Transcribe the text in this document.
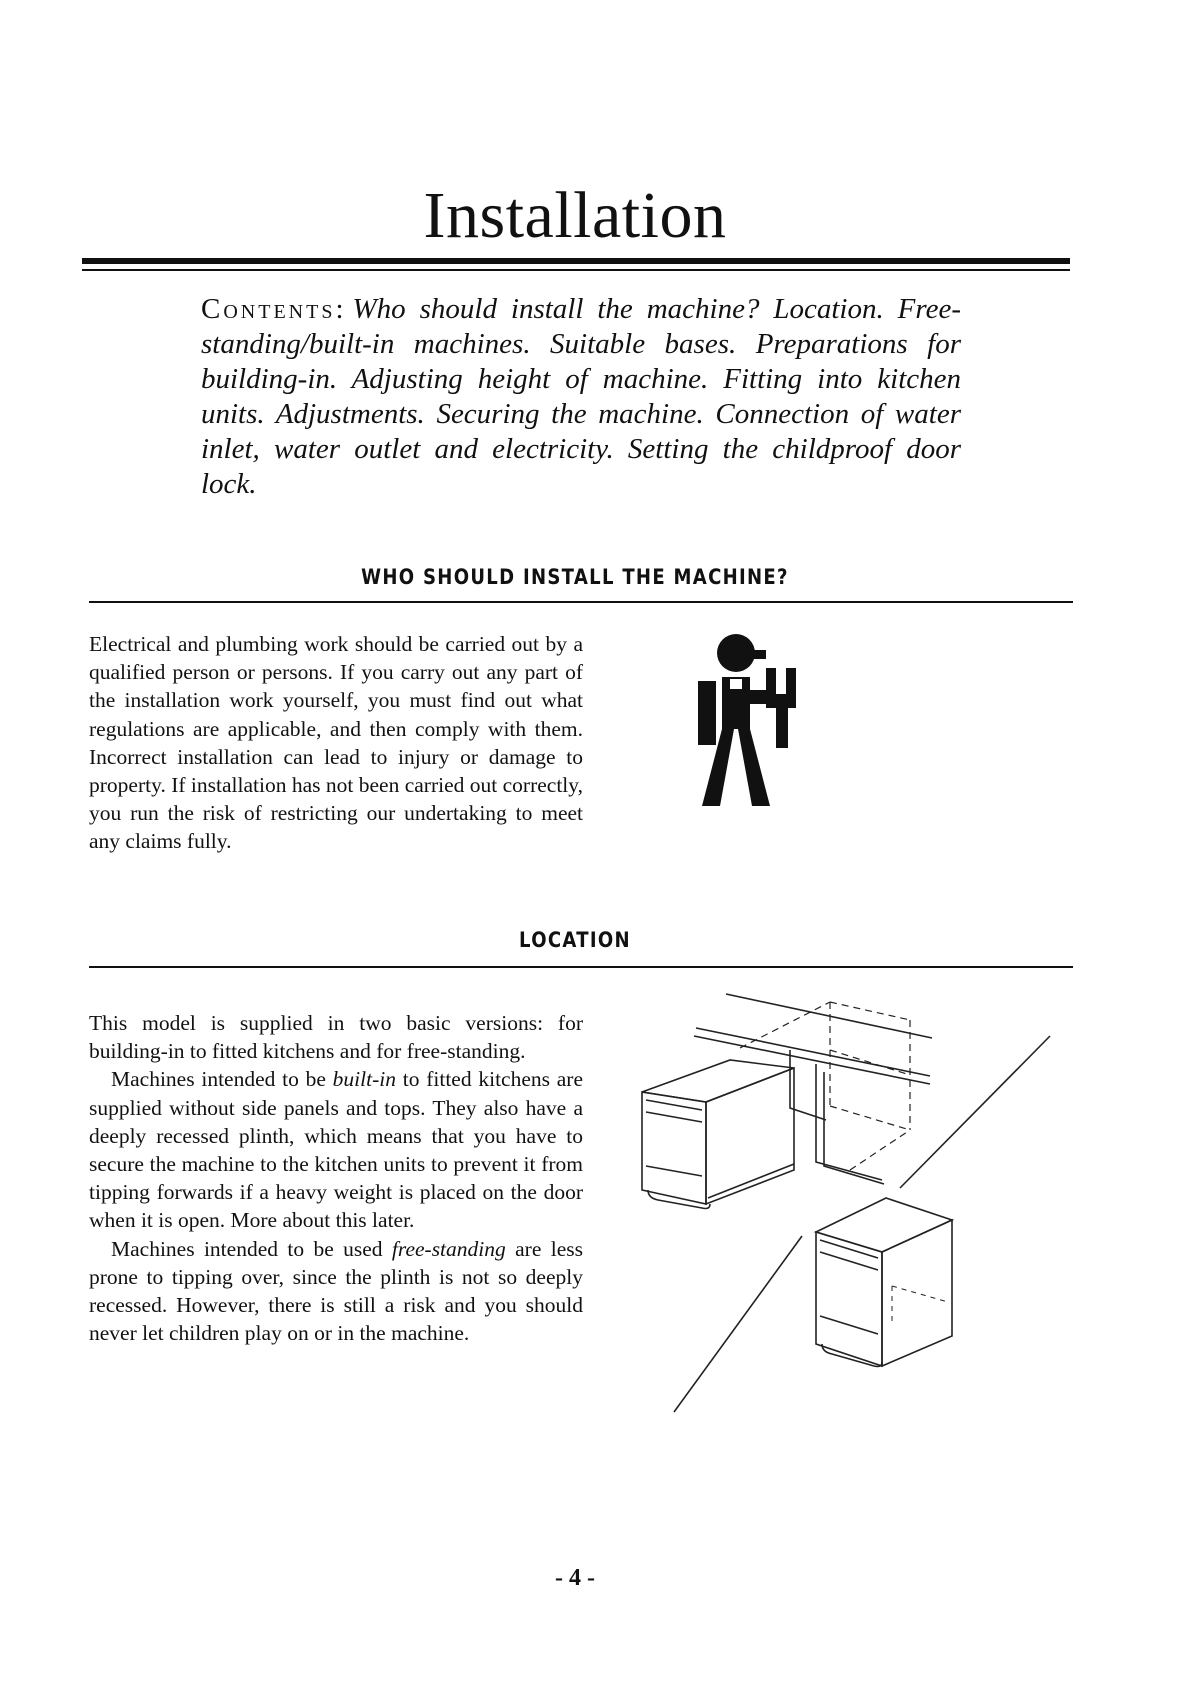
Installation
Contents: Who should install the machine? Location. Free-standing/built-in machines. Suitable bases. Preparations for building-in. Adjusting height of machine. Fitting into kitchen units. Adjustments. Securing the machine. Connection of water inlet, water outlet and electricity. Setting the childproof door lock.
WHO SHOULD INSTALL THE MACHINE?

Electrical and plumbing work should be carried out by a qualified person or persons. If you carry out any part of the installation work yourself, you must find out what regulations are applicable, and then comply with them. Incorrect installation can lead to injury or damage to property. If installation has not been carried out correctly, you run the risk of restricting our undertaking to meet any claims fully.

LOCATION

This model is supplied in two basic versions: for building-in to fitted kitchens and for free-standing.

Machines intended to be built-in to fitted kitchens are supplied without side panels and tops. They also have a deeply recessed plinth, which means that you have to secure the machine to the kitchen units to prevent it from tipping forwards if a heavy weight is placed on the door when it is open. More about this later.

Machines intended to be used free-standing are less prone to tipping over, since the plinth is not so deeply recessed. However, there is still a risk and you should never let children play on or in the machine.

- 4 -
